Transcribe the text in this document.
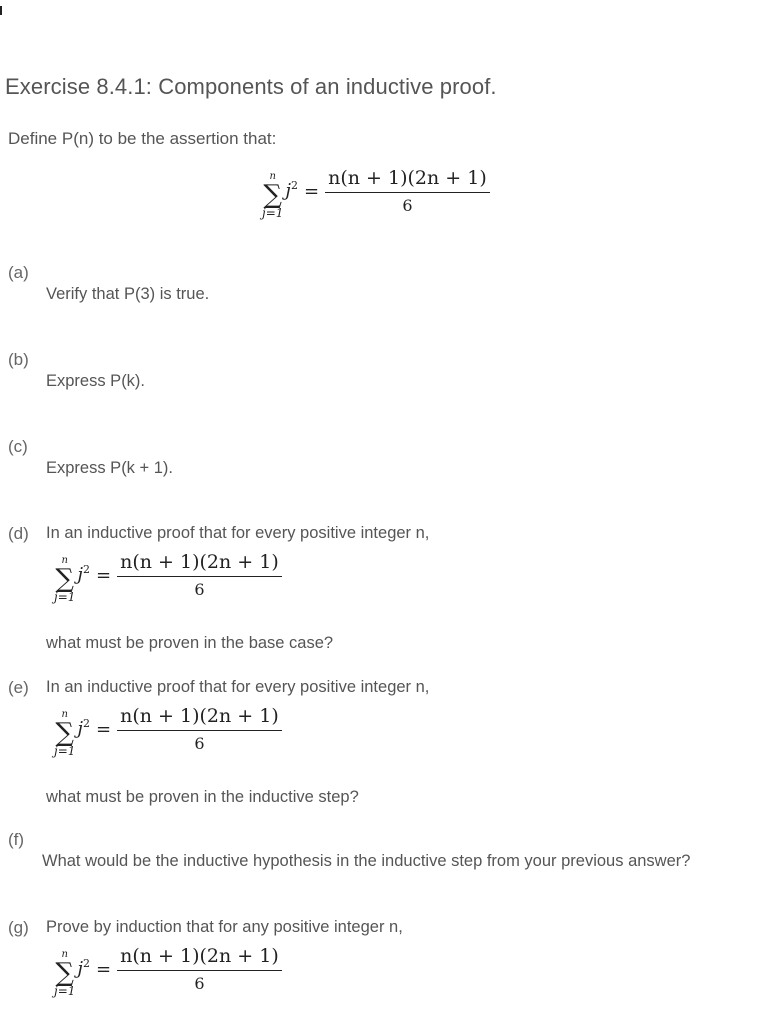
Exercise 8.4.1: Components of an inductive proof.
Define P(n) to be the assertion that:
n
∑
j=1
$j^2 = \frac{n(n + 1)(2n + 1)}{6}$
(a)
Verify that P(3) is true.
(b)
Express P(k).
(c)
Express P(k + 1).
(d) In an inductive proof that for every positive integer n,
n
∑
j=1
$j^2 = \frac{n(n + 1)(2n + 1)}{6}$
what must be proven in the base case?
(e) In an inductive proof that for every positive integer n,
n
∑
j=1
$j^2 = \frac{n(n + 1)(2n + 1)}{6}$
what must be proven in the inductive step?
(f)
What would be the inductive hypothesis in the inductive step from your previous answer?
(g) Prove by induction that for any positive integer n,
n
∑
j=1
$j^2 = \frac{n(n + 1)(2n + 1)}{6}$
